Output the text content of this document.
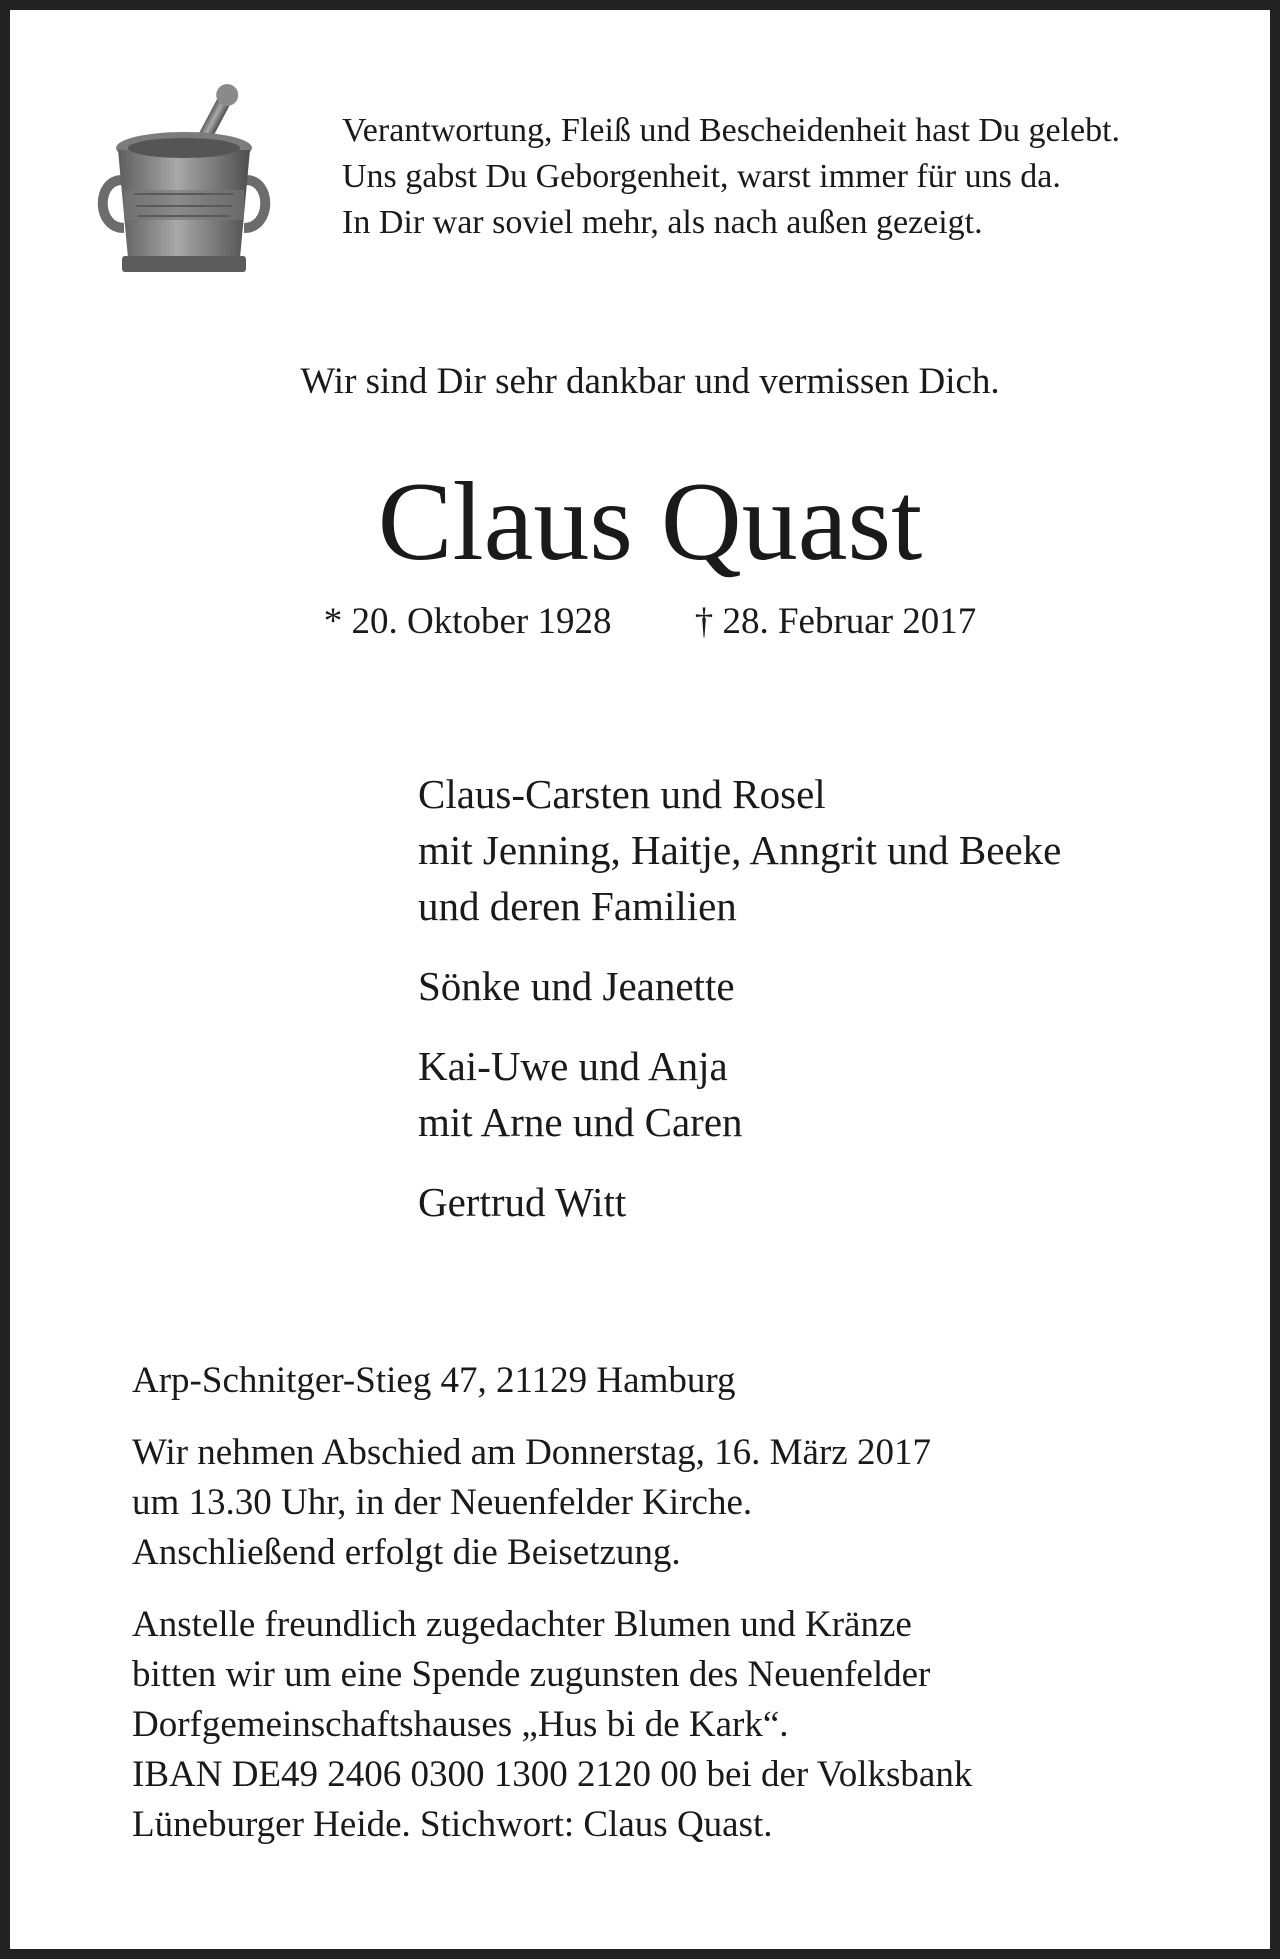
Verantwortung, Fleiß und Bescheidenheit hast Du gelebt.
Uns gabst Du Geborgenheit, warst immer für uns da.
In Dir war soviel mehr, als nach außen gezeigt.
Wir sind Dir sehr dankbar und vermissen Dich.
Claus Quast
* 20. Oktober 1928 † 28. Februar 2017
Claus-Carsten und Rosel
mit Jenning, Haitje, Anngrit und Beeke
und deren Familien
Sönke und Jeanette
Kai-Uwe und Anja
mit Arne und Caren
Gertrud Witt
Arp-Schnitger-Stieg 47, 21129 Hamburg
Wir nehmen Abschied am Donnerstag, 16. März 2017
um 13.30 Uhr, in der Neuenfelder Kirche.
Anschließend erfolgt die Beisetzung.
Anstelle freundlich zugedachter Blumen und Kränze
bitten wir um eine Spende zugunsten des Neuenfelder
Dorfgemeinschaftshauses „Hus bi de Kark“.
IBAN DE49 2406 0300 1300 2120 00 bei der Volksbank
Lüneburger Heide. Stichwort: Claus Quast.
